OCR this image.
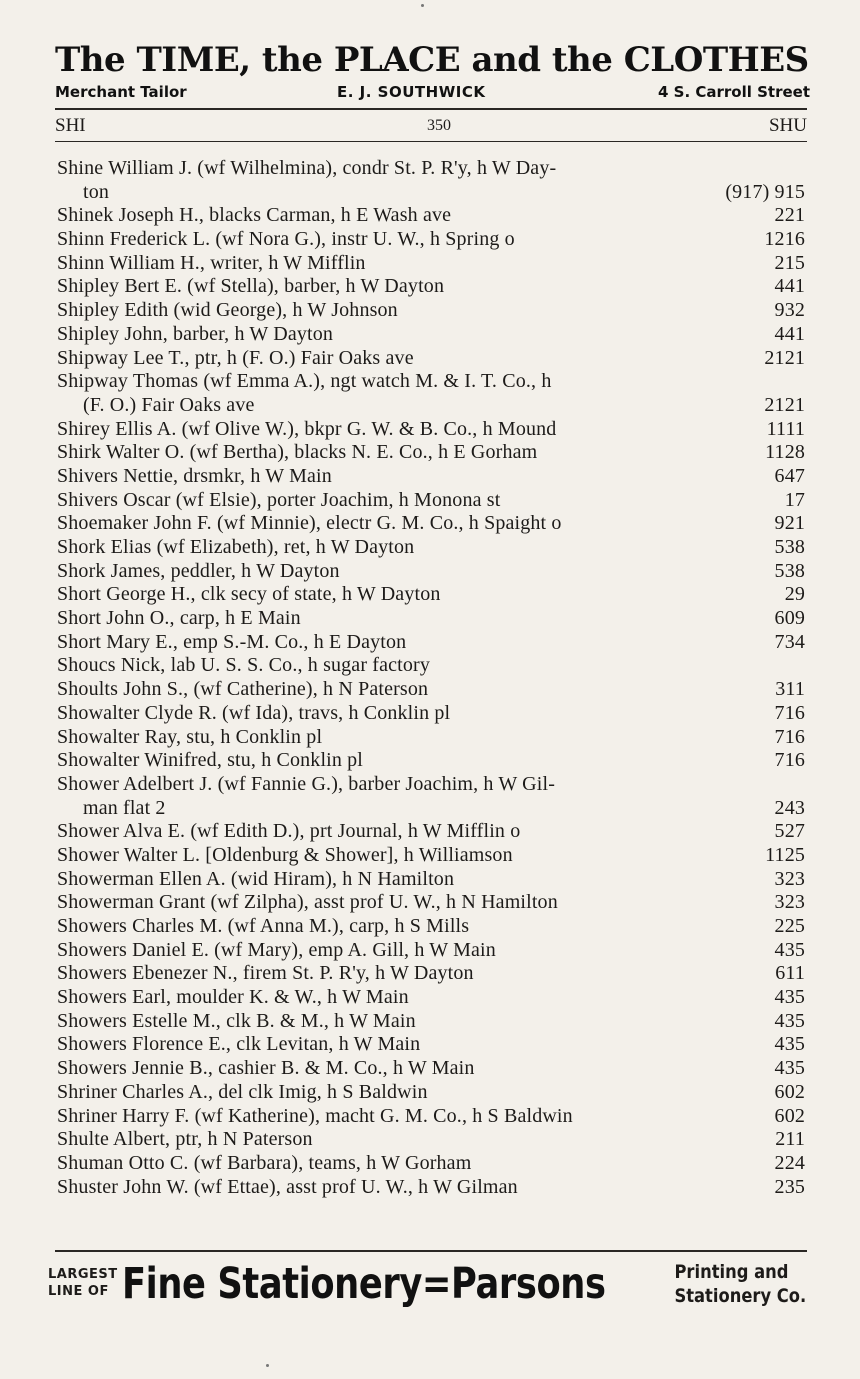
The TIME, the PLACE and the CLOTHES
Merchant Tailor	E. J. SOUTHWICK	4 S. Carroll Street
SHI	350	SHU
Shine William J. (wf Wilhelmina), condr St. P. R'y, h W Day-
ton	(917) 915
Shinek Joseph H., blacks Carman, h E Wash ave	221
Shinn Frederick L. (wf Nora G.), instr U. W., h Spring o	1216
Shinn William H., writer, h W Mifflin	215
Shipley Bert E. (wf Stella), barber, h W Dayton	441
Shipley Edith (wid George), h W Johnson	932
Shipley John, barber, h W Dayton	441
Shipway Lee T., ptr, h (F. O.) Fair Oaks ave	2121
Shipway Thomas (wf Emma A.), ngt watch M. & I. T. Co., h
(F. O.) Fair Oaks ave	2121
Shirey Ellis A. (wf Olive W.), bkpr G. W. & B. Co., h Mound	1111
Shirk Walter O. (wf Bertha), blacks N. E. Co., h E Gorham	1128
Shivers Nettie, drsmkr, h W Main	647
Shivers Oscar (wf Elsie), porter Joachim, h Monona st	17
Shoemaker John F. (wf Minnie), electr G. M. Co., h Spaight o	921
Shork Elias (wf Elizabeth), ret, h W Dayton	538
Shork James, peddler, h W Dayton	538
Short George H., clk secy of state, h W Dayton	29
Short John O., carp, h E Main	609
Short Mary E., emp S.-M. Co., h E Dayton	734
Shoucs Nick, lab U. S. S. Co., h sugar factory
Shoults John S., (wf Catherine), h N Paterson	311
Showalter Clyde R. (wf Ida), travs, h Conklin pl	716
Showalter Ray, stu, h Conklin pl	716
Showalter Winifred, stu, h Conklin pl	716
Shower Adelbert J. (wf Fannie G.), barber Joachim, h W Gil-
man flat 2	243
Shower Alva E. (wf Edith D.), prt Journal, h W Mifflin o	527
Shower Walter L. [Oldenburg & Shower], h Williamson	1125
Showerman Ellen A. (wid Hiram), h N Hamilton	323
Showerman Grant (wf Zilpha), asst prof U. W., h N Hamilton	323
Showers Charles M. (wf Anna M.), carp, h S Mills	225
Showers Daniel E. (wf Mary), emp A. Gill, h W Main	435
Showers Ebenezer N., firem St. P. R'y, h W Dayton	611
Showers Earl, moulder K. & W., h W Main	435
Showers Estelle M., clk B. & M., h W Main	435
Showers Florence E., clk Levitan, h W Main	435
Showers Jennie B., cashier B. & M. Co., h W Main	435
Shriner Charles A., del clk Imig, h S Baldwin	602
Shriner Harry F. (wf Katherine), macht G. M. Co., h S Baldwin	602
Shulte Albert, ptr, h N Paterson	211
Shuman Otto C. (wf Barbara), teams, h W Gorham	224
Shuster John W. (wf Ettae), asst prof U. W., h W Gilman	235
LARGEST
LINE OF Fine Stationery=Parsons	Printing and
Stationery Co.
